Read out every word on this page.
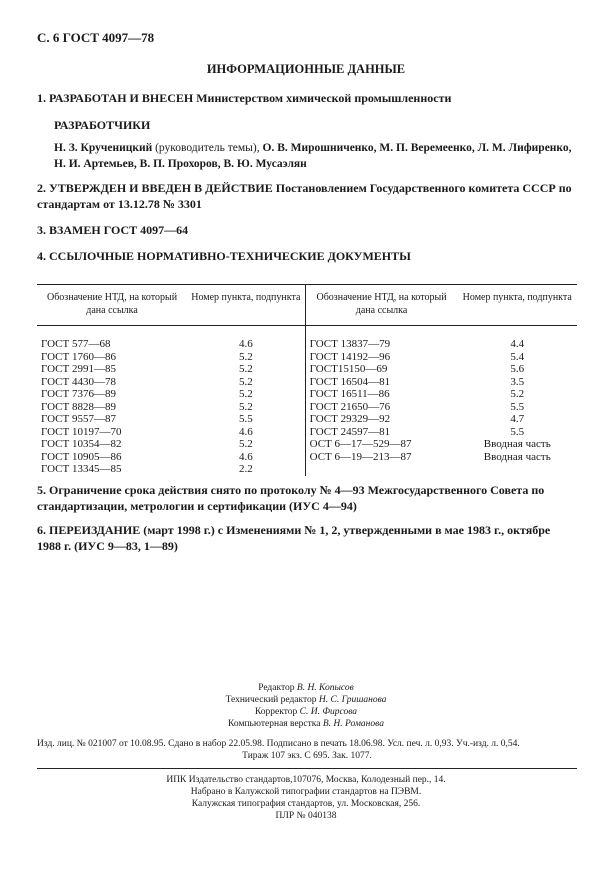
С. 6 ГОСТ 4097—78
ИНФОРМАЦИОННЫЕ ДАННЫЕ
1. РАЗРАБОТАН И ВНЕСЕН Министерством химической промышленности
РАЗРАБОТЧИКИ
Н. З. Крученицкий (руководитель темы), О. В. Мирошниченко, М. П. Веремеенко, Л. М. Лифиренко, Н. И. Артемьев, В. П. Прохоров, В. Ю. Мусаэлян
2. УТВЕРЖДЕН И ВВЕДЕН В ДЕЙСТВИЕ Постановлением Государственного комитета СССР по стандартам от 13.12.78 № 3301
3. ВЗАМЕН ГОСТ 4097—64
4. ССЫЛОЧНЫЕ НОРМАТИВНО-ТЕХНИЧЕСКИЕ ДОКУМЕНТЫ
Обозначение НТД, на который дана ссылка	Номер пункта, подпункта	Обозначение НТД, на который дана ссылка	Номер пункта, подпункта
ГОСТ 577—68	4.6	ГОСТ 13837—79	4.4
ГОСТ 1760—86	5.2	ГОСТ 14192—96	5.4
ГОСТ 2991—85	5.2	ГОСТ15150—69	5.6
ГОСТ 4430—78	5.2	ГОСТ 16504—81	3.5
ГОСТ 7376—89	5.2	ГОСТ 16511—86	5.2
ГОСТ 8828—89	5.2	ГОСТ 21650—76	5.5
ГОСТ 9557—87	5.5	ГОСТ 29329—92	4.7
ГОСТ 10197—70	4.6	ГОСТ 24597—81	5.5
ГОСТ 10354—82	5.2	ОСТ 6—17—529—87	Вводная часть
ГОСТ 10905—86	4.6	ОСТ 6—19—213—87	Вводная часть
ГОСТ 13345—85	2.2		
5. Ограничение срока действия снято по протоколу № 4—93 Межгосударственного Совета по стандартизации, метрологии и сертификации (ИУС 4—94)
6. ПЕРЕИЗДАНИЕ (март 1998 г.) с Изменениями № 1, 2, утвержденными в мае 1983 г., октябре 1988 г. (ИУС 9—83, 1—89)
Редактор В. Н. Копысов
Технический редактор Н. С. Гришанова
Корректор С. И. Фирсова
Компьютерная верстка В. Н. Романова
Изд. лиц. № 021007 от 10.08.95. Сдано в набор 22.05.98. Подписано в печать 18.06.98. Усл. печ. л. 0,93. Уч.-изд. л. 0,54.
Тираж 107 экз. С 695. Зак. 1077.
ИПК Издательство стандартов,107076, Москва, Колодезный пер., 14.
Набрано в Калужской типографии стандартов на ПЭВМ.
Калужская типография стандартов, ул. Московская, 256.
ПЛР № 040138
